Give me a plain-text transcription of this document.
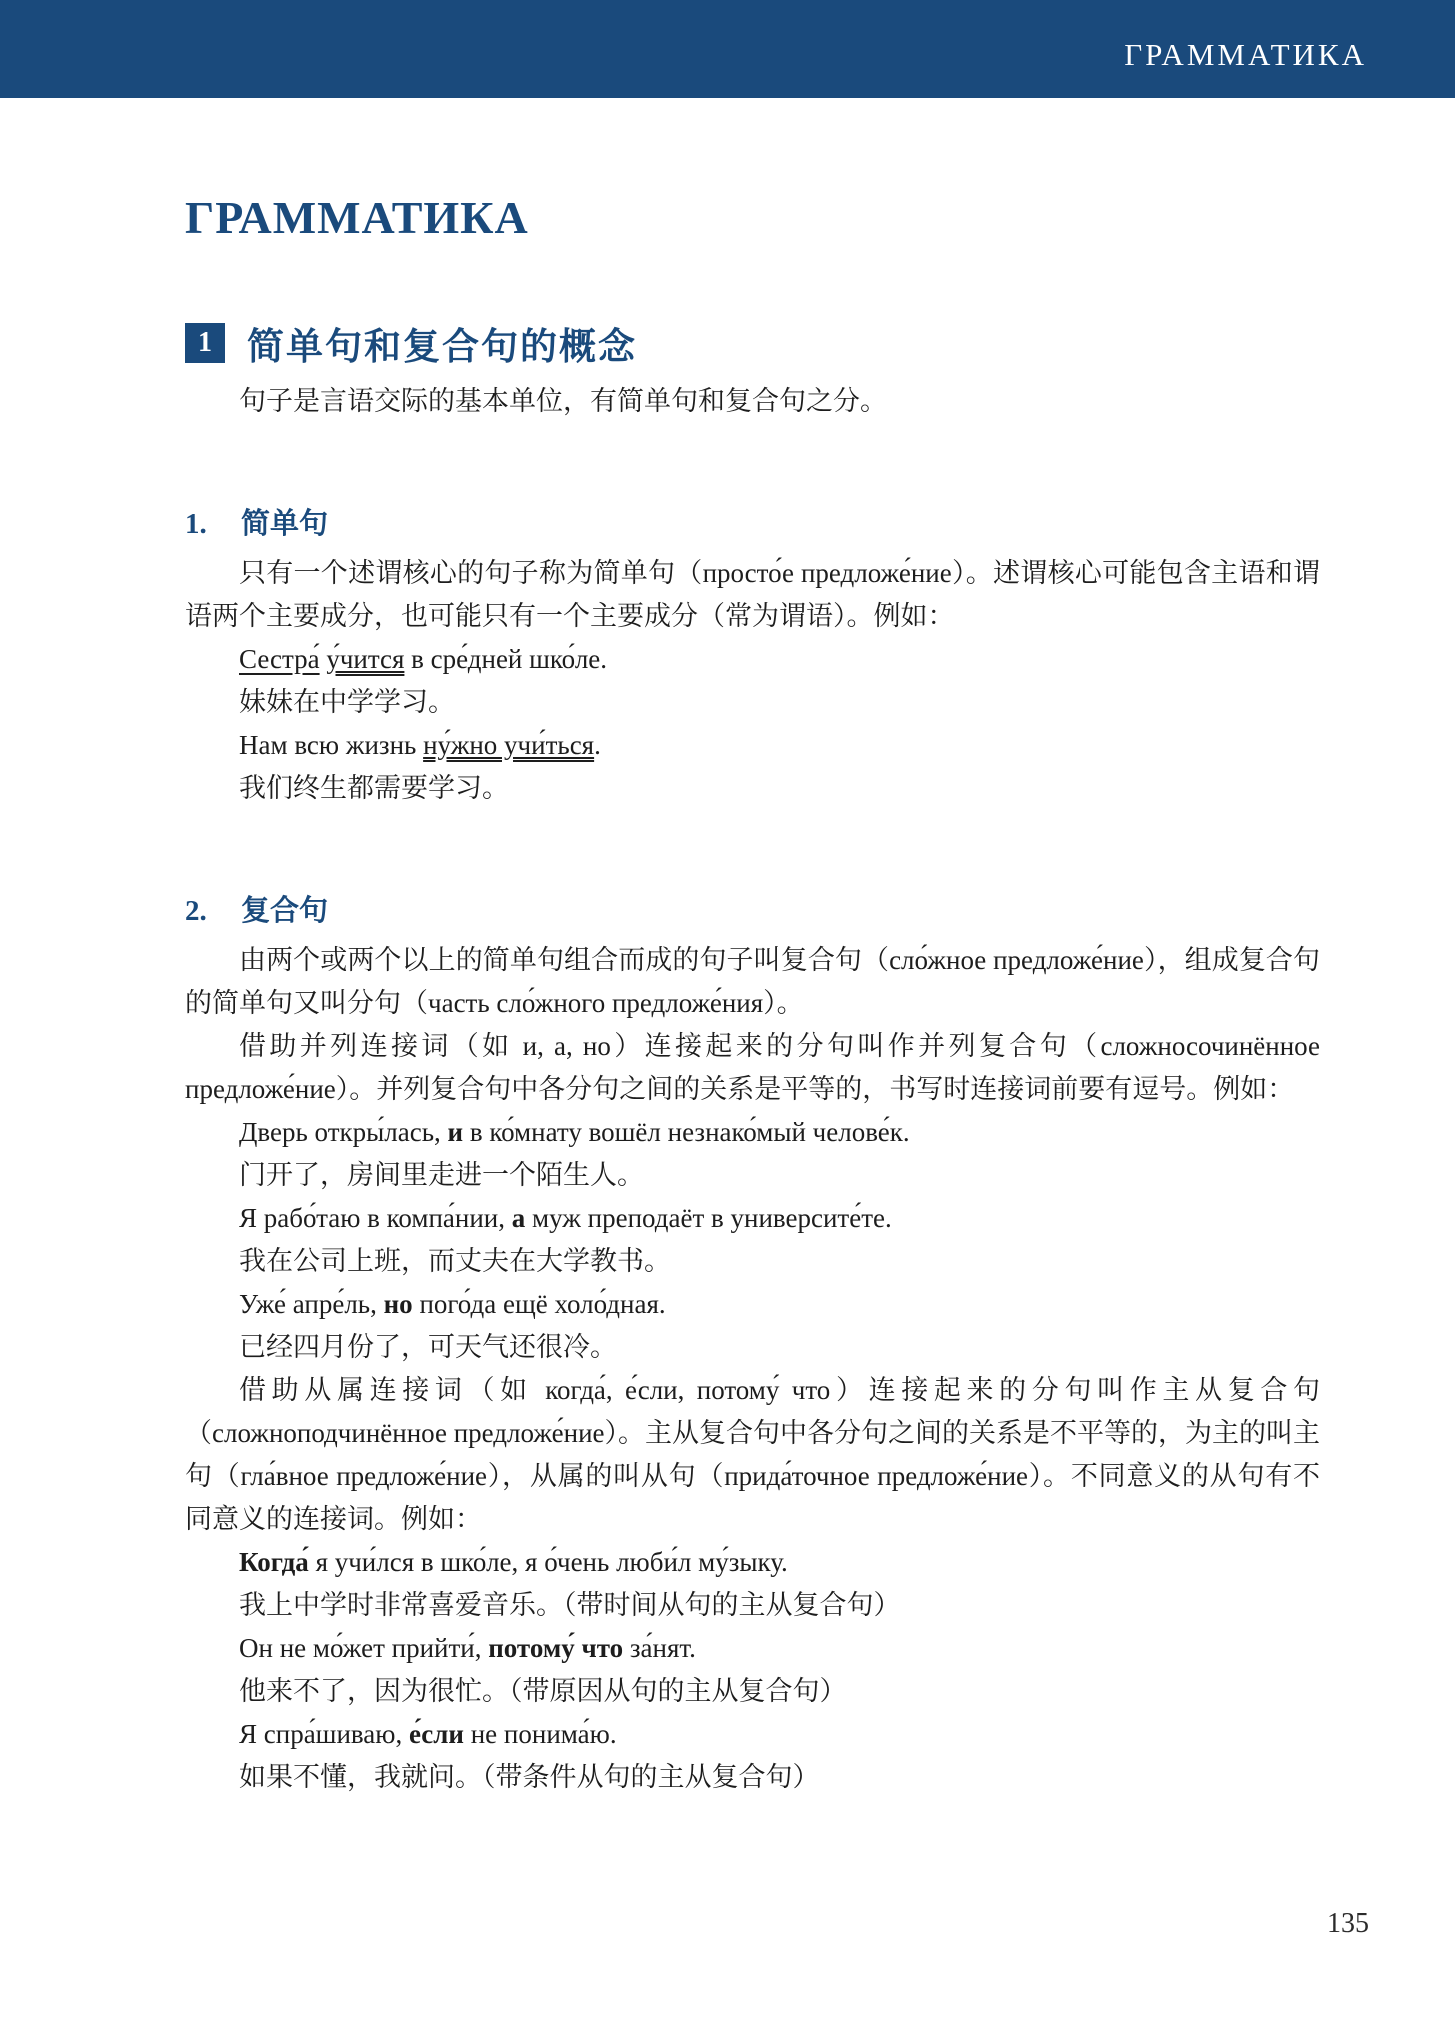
ГРАММАТИКА
ГРАММАТИКА
1 简单句和复合句的概念

句子是言语交际的基本单位，有简单句和复合句之分。

1. 简单句

只有一个述谓核心的句子称为简单句（просто́е предложе́ние）。述谓核心可能包含主语和谓语两个主要成分，也可能只有一个主要成分（常为谓语）。例如：

Сестра́ у́чится в сре́дней шко́ле.
妹妹在中学学习。
Нам всю жизнь ну́жно учи́ться.
我们终生都需要学习。
2. 复合句

由两个或两个以上的简单句组合而成的句子叫复合句（сло́жное предложе́ние），组成复合句的简单句又叫分句（часть сло́жного предложе́ния）。

借助并列连接词（如 и, а, но）连接起来的分句叫作并列复合句（сложносочинённое предложе́ние）。并列复合句中各分句之间的关系是平等的，书写时连接词前要有逗号。例如：

Дверь откры́лась, и в ко́мнату вошёл незнако́мый челове́к.
门开了，房间里走进一个陌生人。
Я рабо́таю в компа́нии, а муж преподаёт в университе́те.
我在公司上班，而丈夫在大学教书。
Уже́ апре́ль, но пого́да ещё холо́дная.
已经四月份了，可天气还很冷。

借助从属连接词（如 когда́, е́сли, потому́ что）连接起来的分句叫作主从复合句（сложноподчинённое предложе́ние）。主从复合句中各分句之间的关系是不平等的，为主的叫主句（гла́вное предложе́ние），从属的叫从句（прида́точное предложе́ние）。不同意义的从句有不同意义的连接词。例如：

Когда́ я учи́лся в шко́ле, я о́чень люби́л му́зыку.
我上中学时非常喜爱音乐。（带时间从句的主从复合句）
Он не мо́жет прийти́, потому́ что за́нят.
他来不了，因为很忙。（带原因从句的主从复合句）
Я спра́шиваю, е́сли не понима́ю.
如果不懂，我就问。（带条件从句的主从复合句）
135
